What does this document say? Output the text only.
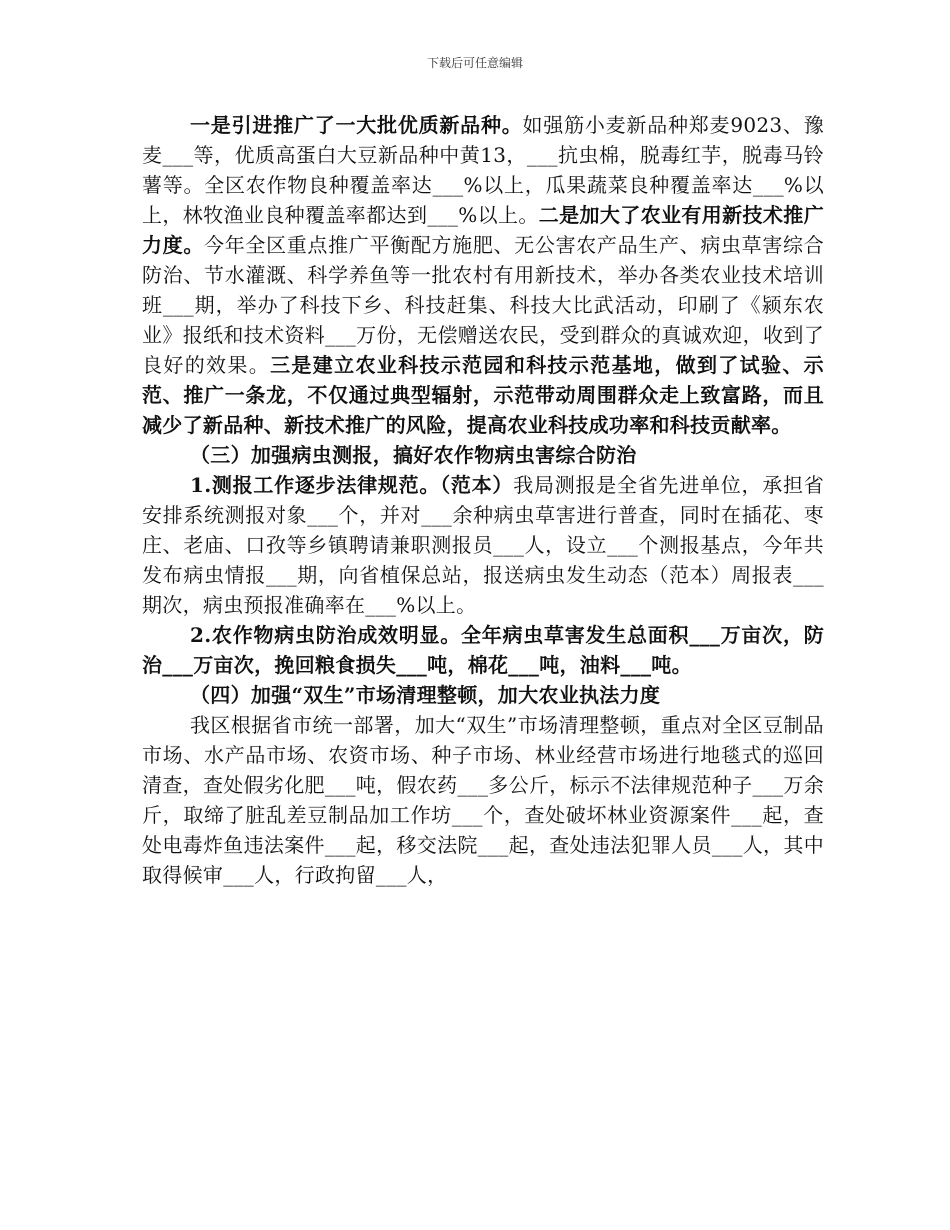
下载后可任意编辑

一是引进推广了一大批优质新品种。如强筋小麦新品种郑麦9023、豫麦___等，优质高蛋白大豆新品种中黄13，___抗虫棉，脱毒红芋，脱毒马铃薯等。全区农作物良种覆盖率达___%以上，瓜果蔬菜良种覆盖率达___%以上，林牧渔业良种覆盖率都达到___%以上。二是加大了农业有用新技术推广力度。今年全区重点推广平衡配方施肥、无公害农产品生产、病虫草害综合防治、节水灌溉、科学养鱼等一批农村有用新技术，举办各类农业技术培训班___期，举办了科技下乡、科技赶集、科技大比武活动，印刷了《颍东农业》报纸和技术资料___万份，无偿赠送农民，受到群众的真诚欢迎，收到了良好的效果。三是建立农业科技示范园和科技示范基地，做到了试验、示范、推广一条龙，不仅通过典型辐射，示范带动周围群众走上致富路，而且减少了新品种、新技术推广的风险，提高农业科技成功率和科技贡献率。

（三）加强病虫测报，搞好农作物病虫害综合防治

1.测报工作逐步法律规范。（范本）我局测报是全省先进单位，承担省安排系统测报对象___个，并对___余种病虫草害进行普查，同时在插花、枣庄、老庙、口孜等乡镇聘请兼职测报员___人，设立___个测报基点，今年共发布病虫情报___期，向省植保总站，报送病虫发生动态（范本）周报表___期次，病虫预报准确率在___%以上。

2.农作物病虫防治成效明显。全年病虫草害发生总面积___万亩次，防治___万亩次，挽回粮食损失___吨，棉花___吨，油料___吨。

（四）加强“双生”市场清理整顿，加大农业执法力度

我区根据省市统一部署，加大“双生”市场清理整顿，重点对全区豆制品市场、水产品市场、农资市场、种子市场、林业经营市场进行地毯式的巡回清查，查处假劣化肥___吨，假农药___多公斤，标示不法律规范种子___万余斤，取缔了脏乱差豆制品加工作坊___个，查处破坏林业资源案件___起，查处电毒炸鱼违法案件___起，移交法院___起，查处违法犯罪人员___人，其中取得候审___人，行政拘留___人，
